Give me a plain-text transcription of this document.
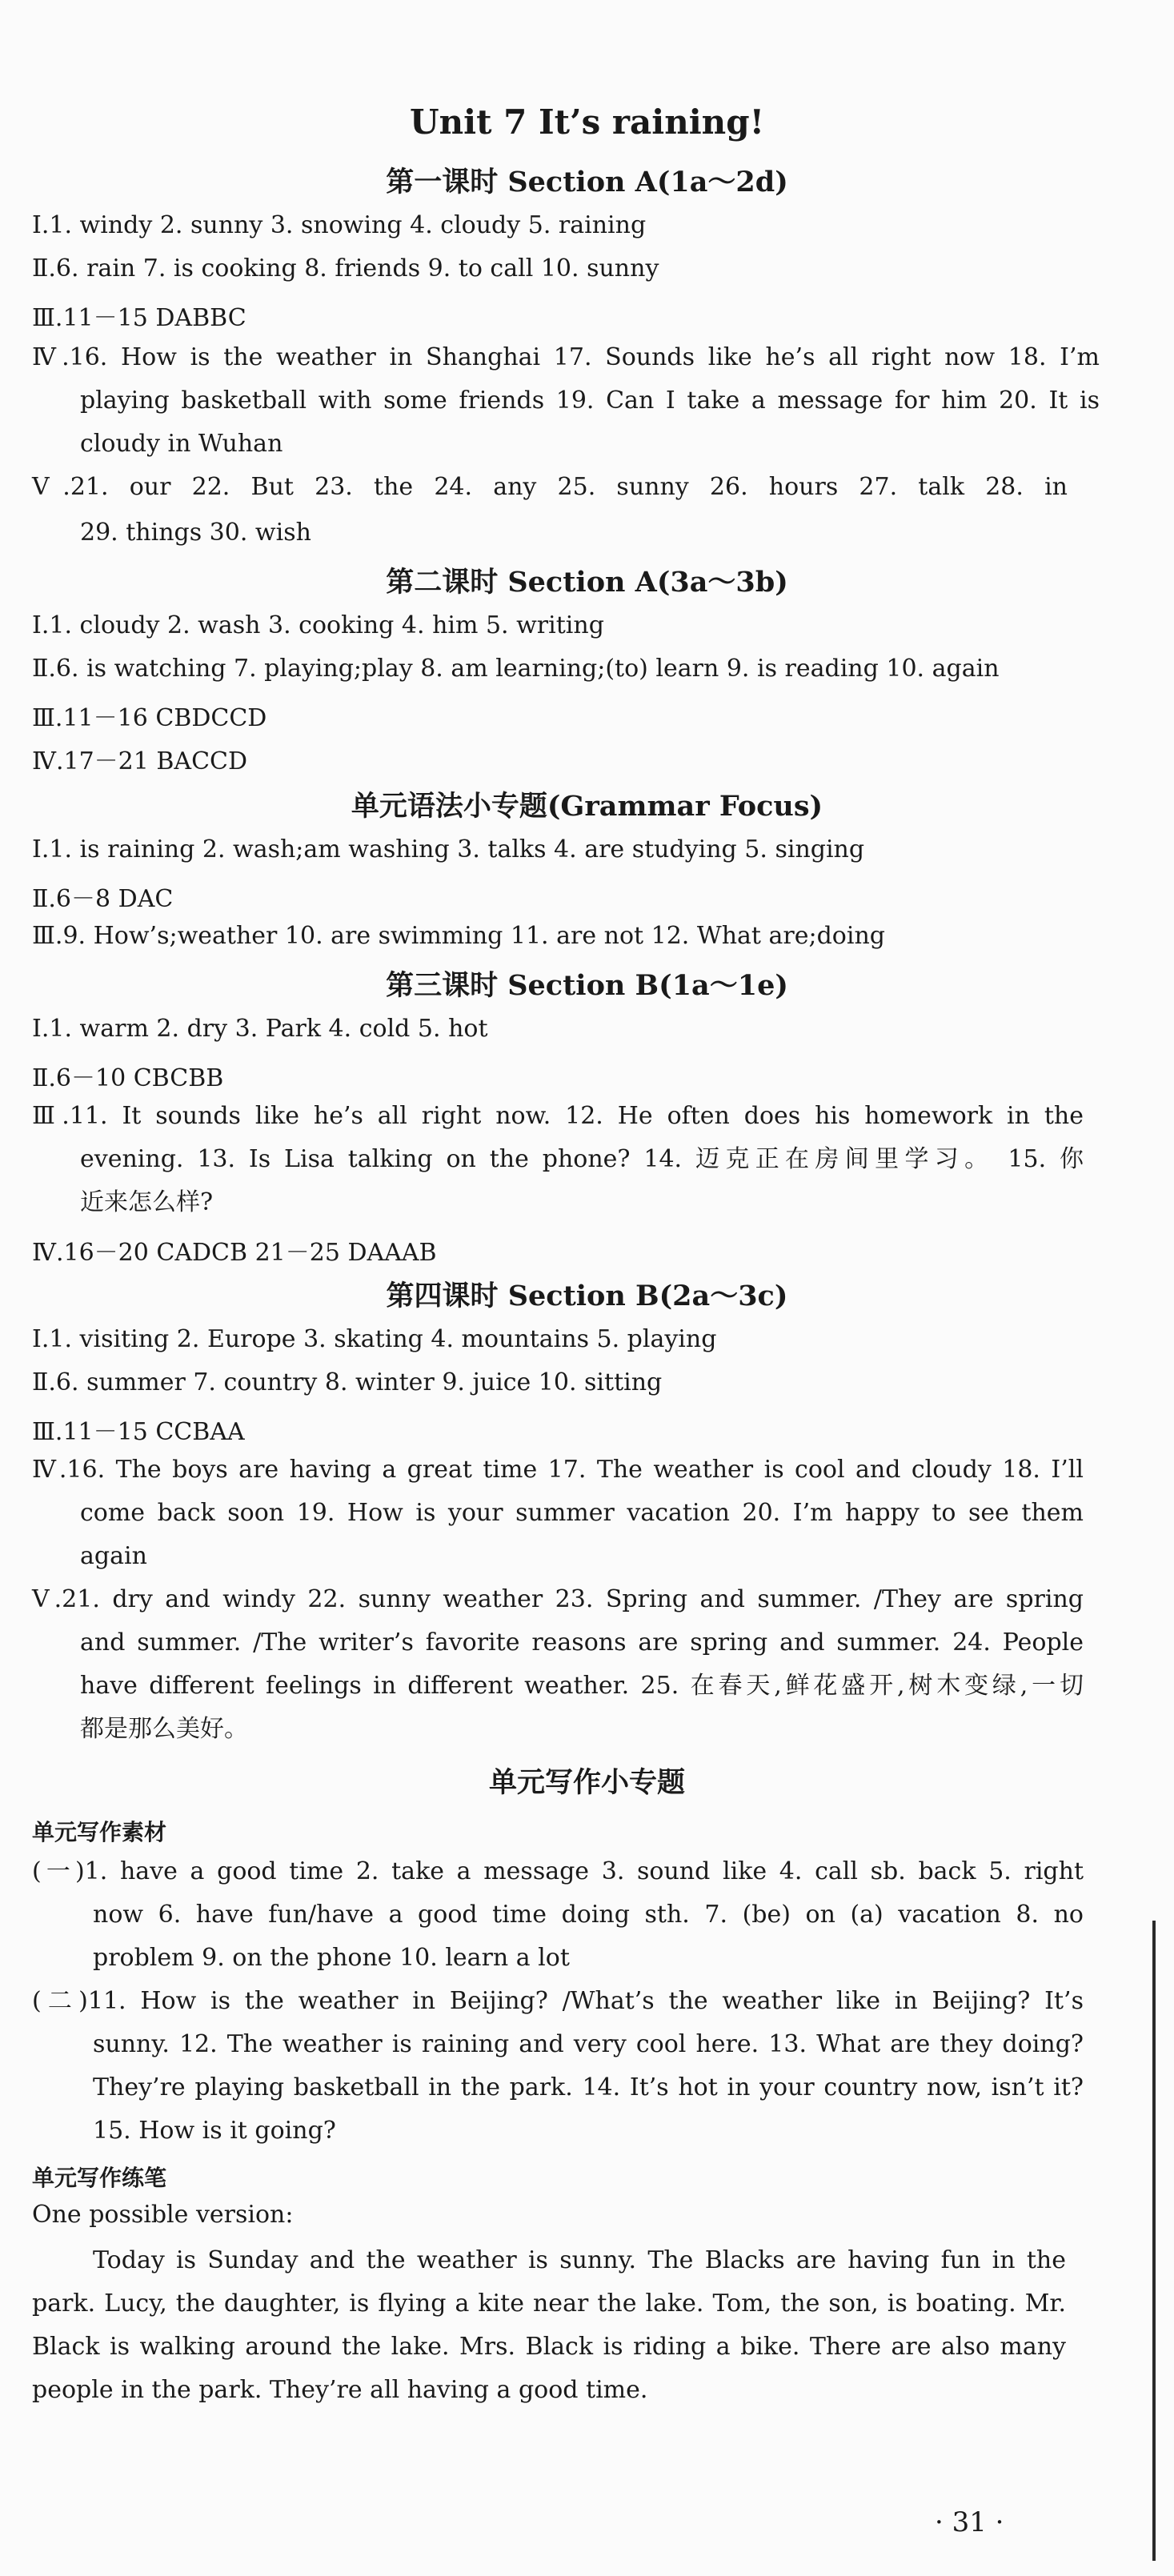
Unit 7 It’s raining!
第一课时 Section A(1a～2d)
Ⅰ.1. windy 2. sunny 3. snowing 4. cloudy 5. raining
Ⅱ.6. rain 7. is cooking 8. friends 9. to call 10. sunny
Ⅲ.11－15 DABBC
Ⅳ.16. How is the weather in Shanghai 17. Sounds like he’s all right now 18. I’m
playing basketball with some friends 19. Can I take a message for him 20. It is
cloudy in Wuhan
Ⅴ.21. our 22. But 23. the 24. any 25. sunny 26. hours 27. talk 28. in
29. things 30. wish
第二课时 Section A(3a～3b)
Ⅰ.1. cloudy 2. wash 3. cooking 4. him 5. writing
Ⅱ.6. is watching 7. playing;play 8. am learning;(to) learn 9. is reading 10. again
Ⅲ.11－16 CBDCCD
Ⅳ.17－21 BACCD
单元语法小专题(Grammar Focus)
Ⅰ.1. is raining 2. wash;am washing 3. talks 4. are studying 5. singing
Ⅱ.6－8 DAC
Ⅲ.9. How’s;weather 10. are swimming 11. are not 12. What are;doing
第三课时 Section B(1a～1e)
Ⅰ.1. warm 2. dry 3. Park 4. cold 5. hot
Ⅱ.6－10 CBCBB
Ⅲ.11. It sounds like he’s all right now. 12. He often does his homework in the
evening. 13. Is Lisa talking on the phone? 14. 迈克正在房间里学习。 15. 你
近来怎么样?
Ⅳ.16－20 CADCB 21－25 DAAAB
第四课时 Section B(2a～3c)
Ⅰ.1. visiting 2. Europe 3. skating 4. mountains 5. playing
Ⅱ.6. summer 7. country 8. winter 9. juice 10. sitting
Ⅲ.11－15 CCBAA
Ⅳ.16. The boys are having a great time 17. The weather is cool and cloudy 18. I’ll
come back soon 19. How is your summer vacation 20. I’m happy to see them
again
Ⅴ.21. dry and windy 22. sunny weather 23. Spring and summer. /They are spring
and summer. /The writer’s favorite reasons are spring and summer. 24. People
have different feelings in different weather. 25. 在春天,鲜花盛开,树木变绿,一切
都是那么美好。
单元写作小专题
单元写作素材
(一)1. have a good time 2. take a message 3. sound like 4. call sb. back 5. right
now 6. have fun/have a good time doing sth. 7. (be) on (a) vacation 8. no
problem 9. on the phone 10. learn a lot
(二)11. How is the weather in Beijing? /What’s the weather like in Beijing? It’s
sunny. 12. The weather is raining and very cool here. 13. What are they doing?
They’re playing basketball in the park. 14. It’s hot in your country now, isn’t it?
15. How is it going?
单元写作练笔
One possible version:
Today is Sunday and the weather is sunny. The Blacks are having fun in the park. Lucy, the daughter, is flying a kite near the lake. Tom, the son, is boating. Mr. Black is walking around the lake. Mrs. Black is riding a bike. There are also many people in the park. They’re all having a good time.
· 31 ·
